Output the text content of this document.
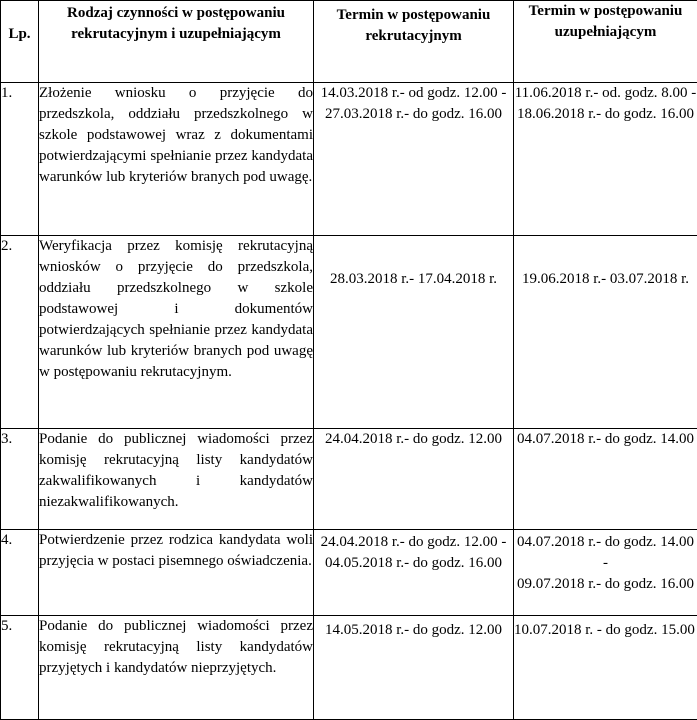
Lp.	Rodzaj czynności w postępowaniu rekrutacyjnym i uzupełniającym	Termin w postępowaniu rekrutacyjnym	Termin w postępowaniu uzupełniającym

1.	Złożenie wniosku o przyjęcie do przedszkola, oddziału przedszkolnego w szkole podstawowej wraz z dokumentami potwierdzającymi spełnianie przez kandydata warunków lub kryteriów branych pod uwagę.	14.03.2018 r.- od godz. 12.00 -
27.03.2018 r.- do godz. 16.00	11.06.2018 r.- od. godz. 8.00 -
18.06.2018 r.- do godz. 16.00

2.	Weryfikacja przez komisję rekrutacyjną wniosków o przyjęcie do przedszkola, oddziału przedszkolnego w szkole podstawowej i dokumentów potwierdzających spełnianie przez kandydata warunków lub kryteriów branych pod uwagę w postępowaniu rekrutacyjnym.	28.03.2018 r.- 17.04.2018 r.	19.06.2018 r.- 03.07.2018 r.
3.	Podanie do publicznej wiadomości przez komisję rekrutacyjną listy kandydatów zakwalifikowanych i kandydatów niezakwalifikowanych.	24.04.2018 r.- do godz. 12.00	04.07.2018 r.- do godz. 14.00
4.	Potwierdzenie przez rodzica kandydata woli przyjęcia w postaci pisemnego oświadczenia.	24.04.2018 r.- do godz. 12.00 -
04.05.2018 r.- do godz. 16.00	04.07.2018 r.- do godz. 14.00 -
09.07.2018 r.- do godz. 16.00

5.	Podanie do publicznej wiadomości przez komisję rekrutacyjną listy kandydatów przyjętych i kandydatów nieprzyjętych.	14.05.2018 r.- do godz. 12.00	10.07.2018 r. - do godz. 15.00
